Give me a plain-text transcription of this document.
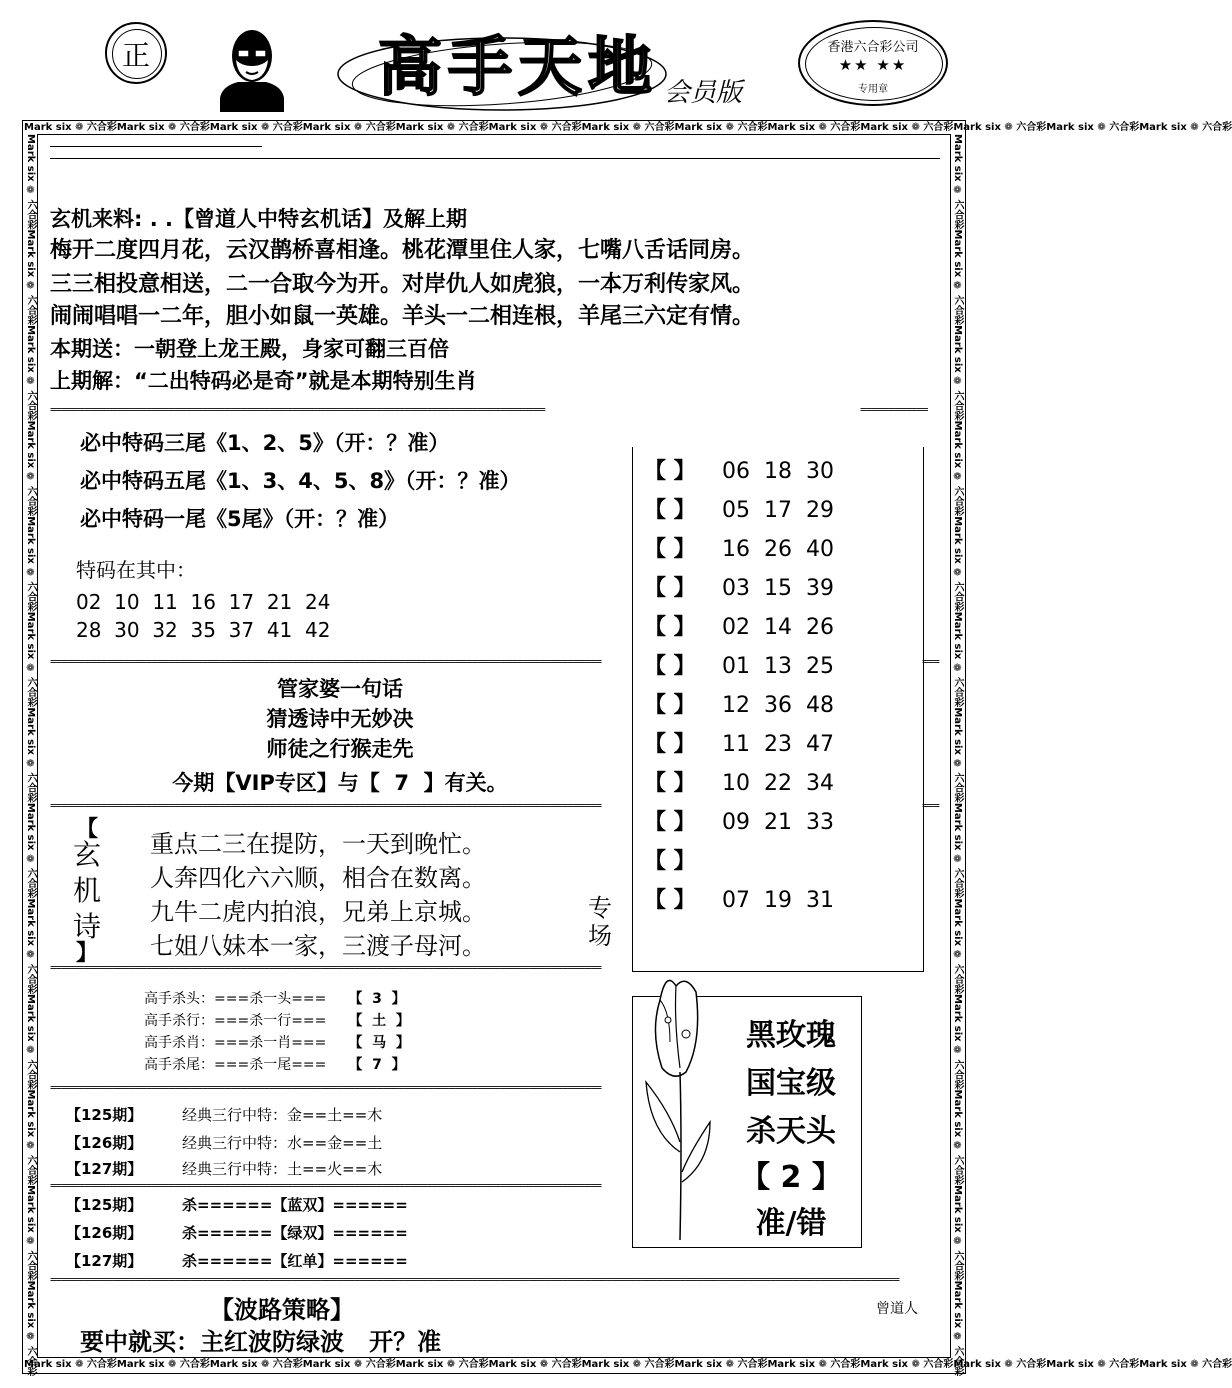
正	高手天地 会员版
香港六合彩公司
★★ ★★
专用章
Mark six ❁ 六合彩Mark six ❁ 六合彩Mark six ❁ 六合彩Mark six ❁ 六合彩Mark six ❁ 六合彩Mark six ❁ 六合彩Mark six ❁ 六合彩Mark six ❁ 六合彩Mark six ❁ 六合彩Mark six ❁ 六合彩Mark six ❁ 六合彩Mark six ❁ 六合彩Mark six ❁ 六合彩
Mark six ❁ 六合彩Mark six ❁ 六合彩Mark six ❁ 六合彩Mark six ❁ 六合彩Mark six ❁ 六合彩Mark six ❁ 六合彩Mark six ❁ 六合彩Mark six ❁ 六合彩Mark six ❁ 六合彩Mark six ❁ 六合彩Mark six ❁ 六合彩Mark six ❁ 六合彩Mark six ❁ 六合彩
Mark six ❁ 六合彩Mark six ❁ 六合彩Mark six ❁ 六合彩Mark six ❁ 六合彩Mark six ❁ 六合彩Mark six ❁ 六合彩Mark six ❁ 六合彩Mark six ❁ 六合彩Mark six ❁ 六合彩Mark six ❁ 六合彩Mark six ❁ 六合彩Mark six ❁ 六合彩Mark six ❁ 六合彩	Mark six ❁ 六合彩Mark six ❁ 六合彩Mark six ❁ 六合彩Mark six ❁ 六合彩Mark six ❁ 六合彩Mark six ❁ 六合彩Mark six ❁ 六合彩Mark six ❁ 六合彩Mark six ❁ 六合彩Mark six ❁ 六合彩Mark six ❁ 六合彩Mark six ❁ 六合彩Mark six ❁ 六合彩
玄机来料: . .【曾道人中特玄机话】及解上期
梅开二度四月花，云汉鹊桥喜相逢。桃花潭里住人家，七嘴八舌话同房。
三三相投意相送，二一合取今为开。对岸仇人如虎狼，一本万利传家风。
闹闹唱唱一二年，胆小如鼠一英雄。羊头一二相连根，羊尾三六定有情。
本期送：一朝登上龙王殿，身家可翻三百倍
上期解：“二出特码必是奇”就是本期特别生肖
========================================================================================	============
必中特码三尾《1、2、5》（开：？准）
必中特码五尾《1、3、4、5、8》（开：？准）
必中特码一尾《5尾》（开：？准）
特码在其中：
02  10  11  16  17  21  24
28  30  32  35  37  41  42
==================================================================================================	===
管家婆一句话
猜透诗中无妙决
师徒之行猴走先
今期【VIP专区】与【  7  】有关。
==================================================================================================	===
【
玄
机
诗
】
重点二三在提防，一天到晚忙。
人奔四化六六顺，相合在数离。
九牛二虎内拍浪，兄弟上京城。
七姐八妹本一家，三渡子母河。
专
场
【 】 06  18  30
【 】 05  17  29
【 】 16  26  40
【 】 03  15  39
【 】 02  14  26
【 】 01  13  25
【 】 12  36  48
【 】 11  23  47
【 】 10  22  34
【 】 09  21  33
【 】
【 】 07  19  31
==================================================================================================
高手杀头：===杀一头=== 【  3  】
高手杀行：===杀一行=== 【  土  】
高手杀肖：===杀一肖=== 【  马  】
高手杀尾：===杀一尾=== 【  7  】
黑玫瑰
国宝级
杀天头
【 2 】
准/错
==================================================================================================
【125期】	经典三行中特：金==土==木
【126期】	经典三行中特：水==金==土
【127期】	经典三行中特：土==火==木
==================================================================================================
【125期】	杀======【蓝双】======
【126期】	杀======【绿双】======
【127期】	杀======【红单】======
=======================================================================================================================================================
【波路策略】
要中就买：主红波防绿波   开？准
曾道人
